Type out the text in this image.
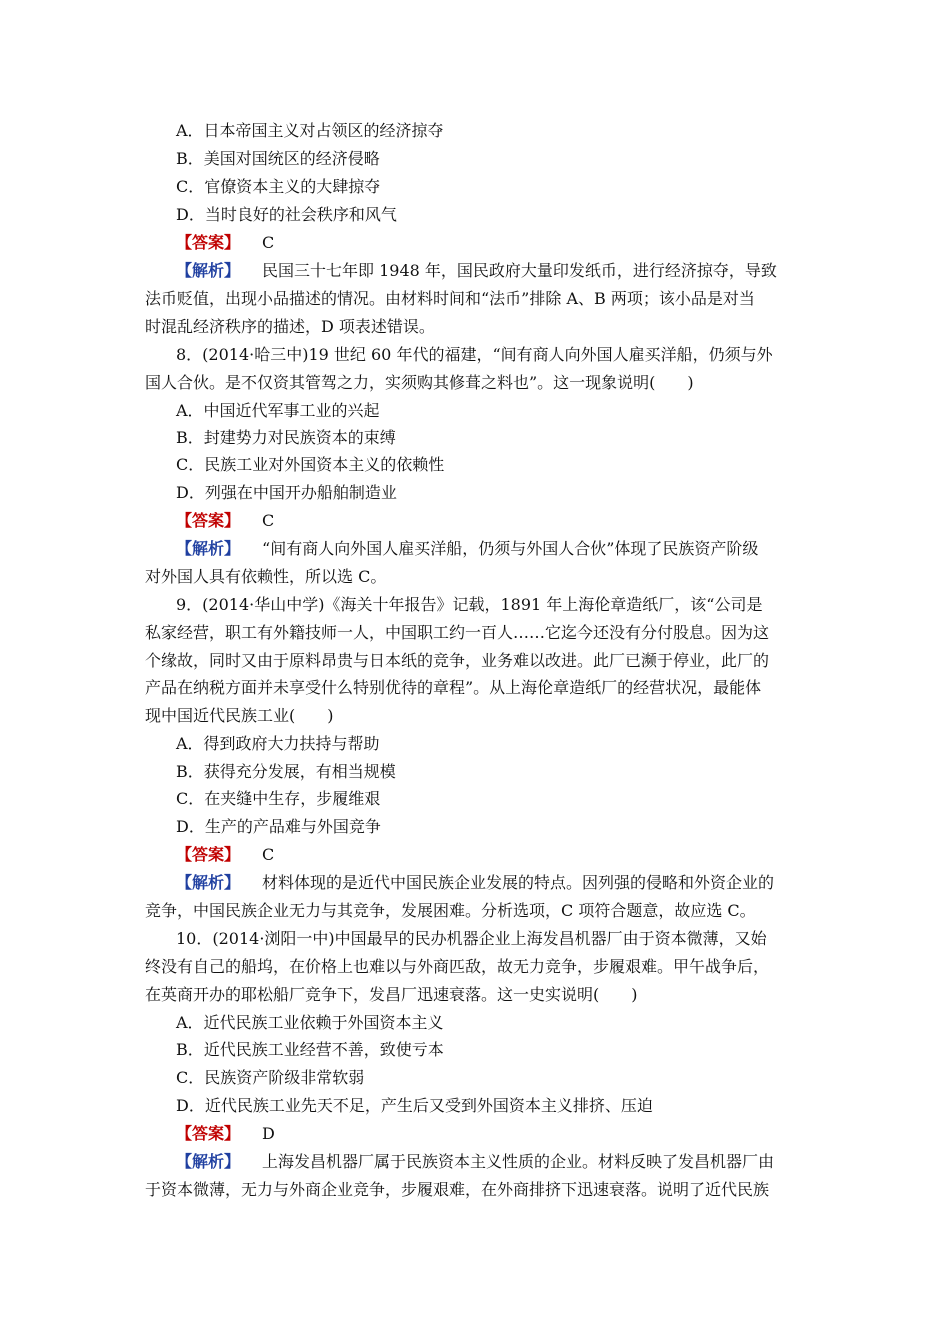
A．日本帝国主义对占领区的经济掠夺
B．美国对国统区的经济侵略
C．官僚资本主义的大肆掠夺
D．当时良好的社会秩序和风气
【答案】 C
【解析】 民国三十七年即 1948 年，国民政府大量印发纸币，进行经济掠夺，导致
法币贬值，出现小品描述的情况。由材料时间和“法币”排除 A、B 两项；该小品是对当
时混乱经济秩序的描述，D 项表述错误。
8．(2014·哈三中)19 世纪 60 年代的福建，“间有商人向外国人雇买洋船，仍须与外
国人合伙。是不仅资其管驾之力，实须购其修葺之料也”。这一现象说明(　　)
A．中国近代军事工业的兴起
B．封建势力对民族资本的束缚
C．民族工业对外国资本主义的依赖性
D．列强在中国开办船舶制造业
【答案】 C
【解析】 “间有商人向外国人雇买洋船，仍须与外国人合伙”体现了民族资产阶级
对外国人具有依赖性，所以选 C。
9．(2014·华山中学)《海关十年报告》记载，1891 年上海伦章造纸厂，该“公司是
私家经营，职工有外籍技师一人，中国职工约一百人……它迄今还没有分付股息。因为这
个缘故，同时又由于原料昂贵与日本纸的竞争，业务难以改进。此厂已濒于停业，此厂的
产品在纳税方面并未享受什么特别优待的章程”。从上海伦章造纸厂的经营状况，最能体
现中国近代民族工业(　　)
A．得到政府大力扶持与帮助
B．获得充分发展，有相当规模
C．在夹缝中生存，步履维艰
D．生产的产品难与外国竞争
【答案】 C
【解析】 材料体现的是近代中国民族企业发展的特点。因列强的侵略和外资企业的
竞争，中国民族企业无力与其竞争，发展困难。分析选项，C 项符合题意，故应选 C。
10．(2014·浏阳一中)中国最早的民办机器企业上海发昌机器厂由于资本微薄，又始
终没有自己的船坞，在价格上也难以与外商匹敌，故无力竞争，步履艰难。甲午战争后，
在英商开办的耶松船厂竞争下，发昌厂迅速衰落。这一史实说明(　　)
A．近代民族工业依赖于外国资本主义
B．近代民族工业经营不善，致使亏本
C．民族资产阶级非常软弱
D．近代民族工业先天不足，产生后又受到外国资本主义排挤、压迫
【答案】 D
【解析】 上海发昌机器厂属于民族资本主义性质的企业。材料反映了发昌机器厂由
于资本微薄，无力与外商企业竞争，步履艰难，在外商排挤下迅速衰落。说明了近代民族
